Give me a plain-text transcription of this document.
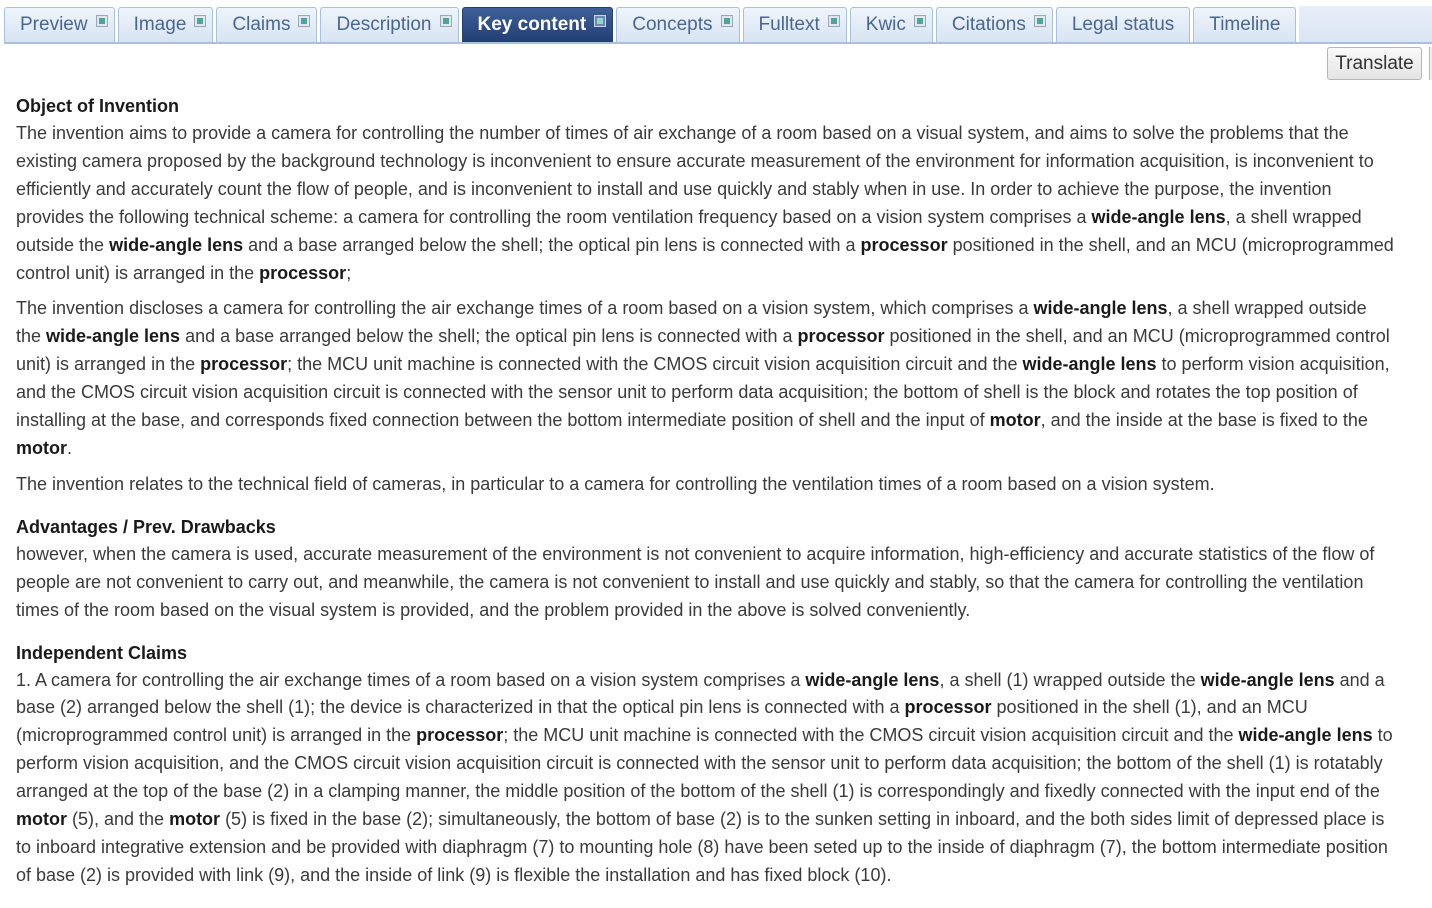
Preview Image Claims Description Key content Concepts Fulltext Kwic Citations Legal status Timeline
Translate
Object of Invention

The invention aims to provide a camera for controlling the number of times of air exchange of a room based on a visual system, and aims to solve the problems that the existing camera proposed by the background technology is inconvenient to ensure accurate measurement of the environment for information acquisition, is inconvenient to efficiently and accurately count the flow of people, and is inconvenient to install and use quickly and stably when in use. In order to achieve the purpose, the invention provides the following technical scheme: a camera for controlling the room ventilation frequency based on a vision system comprises a wide-angle lens, a shell wrapped outside the wide-angle lens and a base arranged below the shell; the optical pin lens is connected with a processor positioned in the shell, and an MCU (microprogrammed control unit) is arranged in the processor;

The invention discloses a camera for controlling the air exchange times of a room based on a vision system, which comprises a wide-angle lens, a shell wrapped outside the wide-angle lens and a base arranged below the shell; the optical pin lens is connected with a processor positioned in the shell, and an MCU (microprogrammed control unit) is arranged in the processor; the MCU unit machine is connected with the CMOS circuit vision acquisition circuit and the wide-angle lens to perform vision acquisition, and the CMOS circuit vision acquisition circuit is connected with the sensor unit to perform data acquisition; the bottom of shell is the block and rotates the top position of installing at the base, and corresponds fixed connection between the bottom intermediate position of shell and the input of motor, and the inside at the base is fixed to the motor.

The invention relates to the technical field of cameras, in particular to a camera for controlling the ventilation times of a room based on a vision system.

Advantages / Prev. Drawbacks

however, when the camera is used, accurate measurement of the environment is not convenient to acquire information, high-efficiency and accurate statistics of the flow of people are not convenient to carry out, and meanwhile, the camera is not convenient to install and use quickly and stably, so that the camera for controlling the ventilation times of the room based on the visual system is provided, and the problem provided in the above is solved conveniently.

Independent Claims

1. A camera for controlling the air exchange times of a room based on a vision system comprises a wide-angle lens, a shell (1) wrapped outside the wide-angle lens and a base (2) arranged below the shell (1); the device is characterized in that the optical pin lens is connected with a processor positioned in the shell (1), and an MCU (microprogrammed control unit) is arranged in the processor; the MCU unit machine is connected with the CMOS circuit vision acquisition circuit and the wide-angle lens to perform vision acquisition, and the CMOS circuit vision acquisition circuit is connected with the sensor unit to perform data acquisition; the bottom of the shell (1) is rotatably arranged at the top of the base (2) in a clamping manner, the middle position of the bottom of the shell (1) is correspondingly and fixedly connected with the input end of the motor (5), and the motor (5) is fixed in the base (2); simultaneously, the bottom of base (2) is to the sunken setting in inboard, and the both sides limit of depressed place is to inboard integrative extension and be provided with diaphragm (7) to mounting hole (8) have been seted up to the inside of diaphragm (7), the bottom intermediate position of base (2) is provided with link (9), and the inside of link (9) is flexible the installation and has fixed block (10).
